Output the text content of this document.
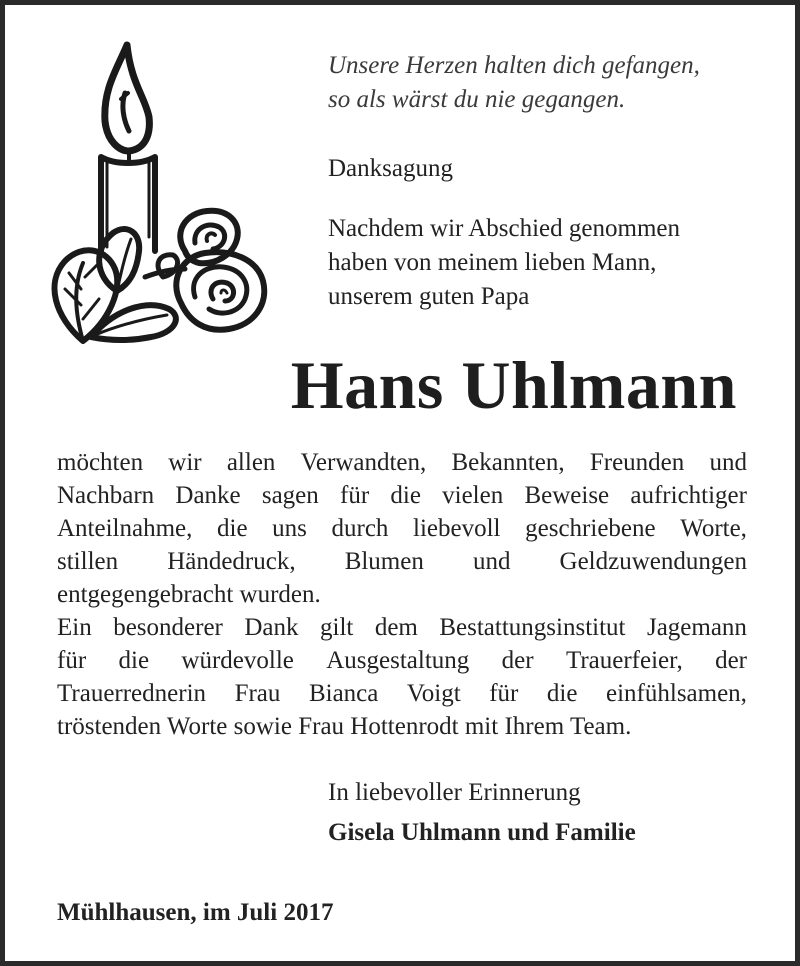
Unsere Herzen halten dich gefangen,
so als wärst du nie gegangen.
Danksagung
Nachdem wir Abschied genommen
haben von meinem lieben Mann,
unserem guten Papa
Hans Uhlmann
möchten wir allen Verwandten, Bekannten, Freunden und
Nachbarn Danke sagen für die vielen Beweise aufrichtiger
Anteilnahme, die uns durch liebevoll geschriebene Worte,
stillen Händedruck, Blumen und Geldzuwendungen
entgegengebracht wurden.
Ein besonderer Dank gilt dem Bestattungsinstitut Jagemann
für die würdevolle Ausgestaltung der Trauerfeier, der
Trauerrednerin Frau Bianca Voigt für die einfühlsamen,
tröstenden Worte sowie Frau Hottenrodt mit Ihrem Team.
In liebevoller Erinnerung
Gisela Uhlmann und Familie
Mühlhausen, im Juli 2017
